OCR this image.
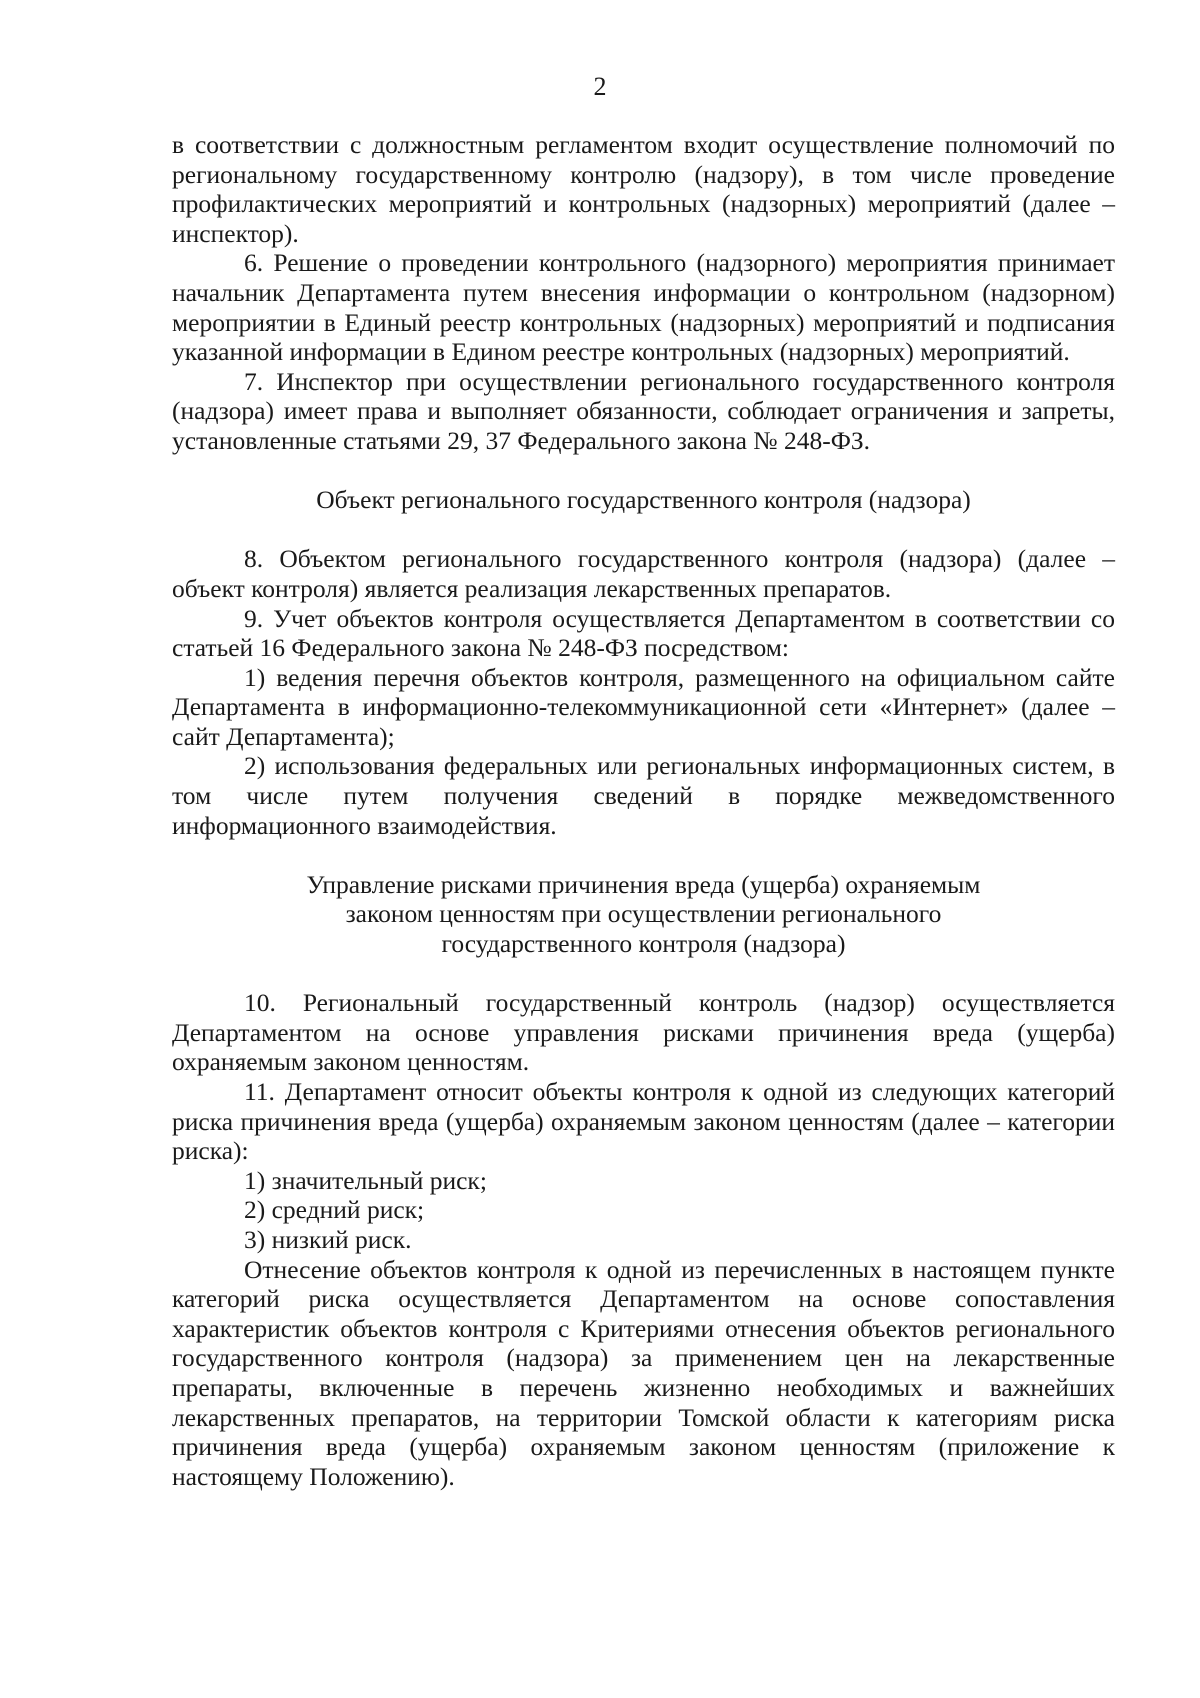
2

в соответствии с должностным регламентом входит осуществление полномочий по региональному государственному контролю (надзору), в том числе проведение профилактических мероприятий и контрольных (надзорных) мероприятий (далее – инспектор).

6. Решение о проведении контрольного (надзорного) мероприятия принимает начальник Департамента путем внесения информации о контрольном (надзорном) мероприятии в Единый реестр контрольных (надзорных) мероприятий и подписания указанной информации в Едином реестре контрольных (надзорных) мероприятий.

7. Инспектор при осуществлении регионального государственного контроля (надзора) имеет права и выполняет обязанности, соблюдает ограничения и запреты, установленные статьями 29, 37 Федерального закона № 248-ФЗ.

Объект регионального государственного контроля (надзора)

8. Объектом регионального государственного контроля (надзора) (далее – объект контроля) является реализация лекарственных препаратов.

9. Учет объектов контроля осуществляется Департаментом в соответствии со статьей 16 Федерального закона № 248-ФЗ посредством:

1) ведения перечня объектов контроля, размещенного на официальном сайте Департамента в информационно-телекоммуникационной сети «Интернет» (далее – сайт Департамента);

2) использования федеральных или региональных информационных систем, в том числе путем получения сведений в порядке межведомственного информационного взаимодействия.

Управление рисками причинения вреда (ущерба) охраняемым

законом ценностям при осуществлении регионального

государственного контроля (надзора)

10. Региональный государственный контроль (надзор) осуществляется Департаментом на основе управления рисками причинения вреда (ущерба) охраняемым законом ценностям.

11. Департамент относит объекты контроля к одной из следующих категорий риска причинения вреда (ущерба) охраняемым законом ценностям (далее – категории риска):

1) значительный риск;

2) средний риск;

3) низкий риск.

Отнесение объектов контроля к одной из перечисленных в настоящем пункте категорий риска осуществляется Департаментом на основе сопоставления характеристик объектов контроля с Критериями отнесения объектов регионального государственного контроля (надзора) за применением цен на лекарственные препараты, включенные в перечень жизненно необходимых и важнейших лекарственных препаратов, на территории Томской области к категориям риска причинения вреда (ущерба) охраняемым законом ценностям (приложение к настоящему Положению).
